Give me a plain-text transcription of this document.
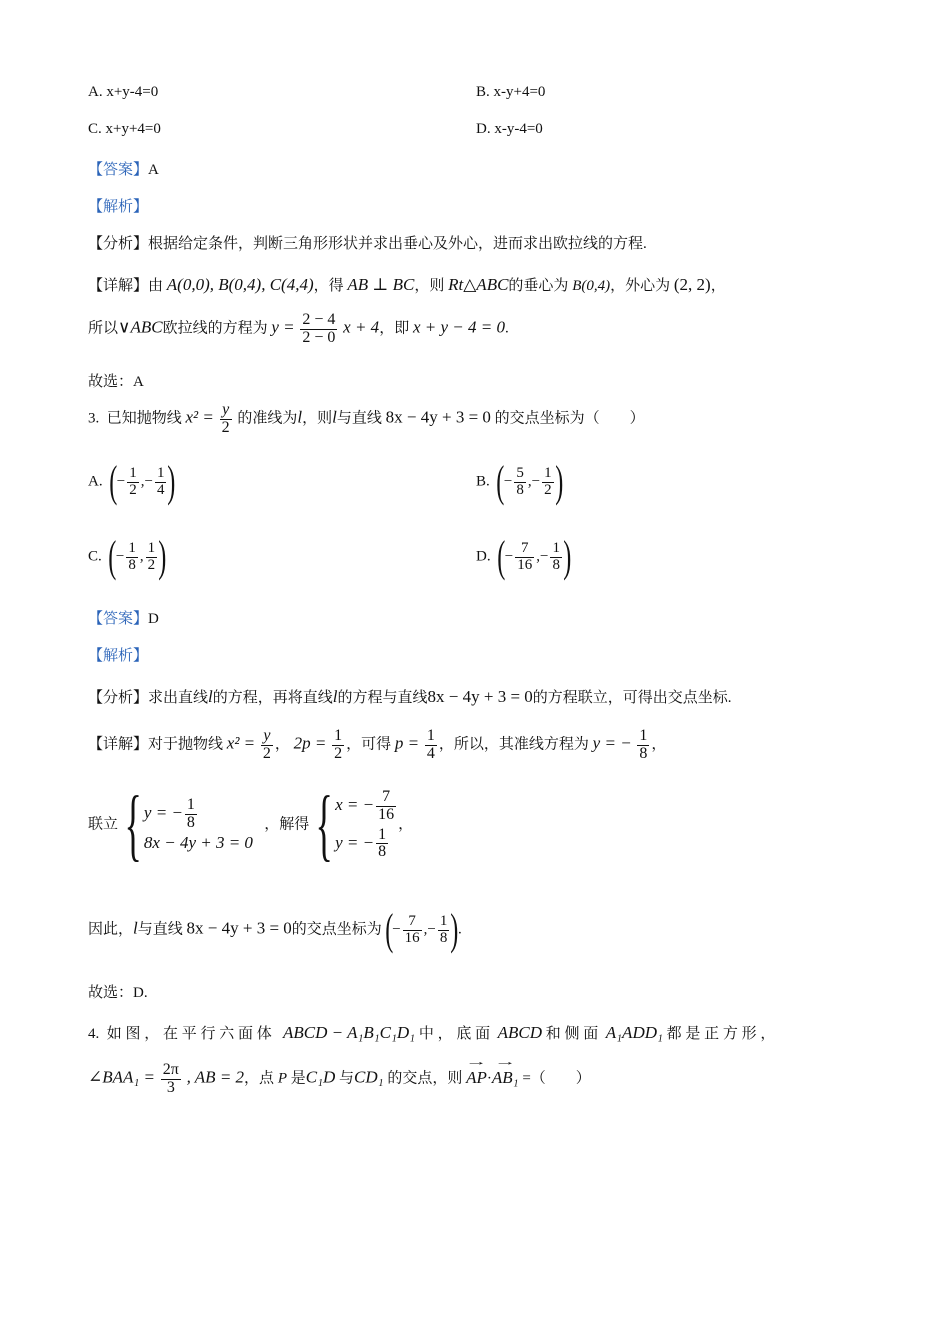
A. x+y-4=0	B. x-y+4=0
C. x+y+4=0	D. x-y-4=0
【答案】A
【解析】
【分析】根据给定条件，判断三角形形状并求出垂心及外心，进而求出欧拉线的方程.
【详解】由 A(0,0), B(0,4), C(4,4)，得 AB ⊥ BC，则 Rt△ABC的垂心为 B(0,4)，外心为 (2, 2)，
所以∨ABC欧拉线的方程为 $y = \frac{2 - 4}{2 - 0}$ x + 4，即 x + y − 4 = 0.
故选：A
3. 已知抛物线 $x^2 = \frac{y}{2}$ 的准线为l，则l与直线 8x − 4y + 3 = 0 的交点坐标为（　　）
A. (− $\frac{1}{2}$ ,− $\frac{1}{4}$ )	B. (− $\frac{5}{8}$ ,− $\frac{1}{2}$ )
C. (− $\frac{1}{8}$ , $\frac{1}{2}$ )	D. (− $\frac{7}{16}$ ,− $\frac{1}{8}$ )
【答案】D
【解析】
【分析】求出直线l的方程，再将直线l的方程与直线8x − 4y + 3 = 0的方程联立，可得出交点坐标.
【详解】对于抛物线 $x^2 = \frac{y}{2}$ ， $2p = \frac{1}{2}$ ，可得 $p = \frac{1}{4}$ ，所以，其准线方程为 y = − $\frac{1}{8}$ ，
联立 { y = − $\frac{1}{8}$
8x − 4y + 3 = 0
，解得 { x = − $\frac{7}{16}$
y = − $\frac{1}{8}$
，
因此，l与直线 8x − 4y + 3 = 0的交点坐标为 (− $\frac{7}{16}$ ,− $\frac{1}{8}$ ).
故选：D.
4. 如 图 ， 在 平 行 六 面 体 ABCD − A₁B₁C₁D₁ 中 ， 底 面 ABCD 和 侧 面 A₁ADD₁ 都 是 正 方 形 ，
∠BAA₁ = $\frac{2\pi}{3}$ , AB = 2，点 P 是C₁D 与CD₁ 的交点，则 → AP·→ AB₁ =（　　）
